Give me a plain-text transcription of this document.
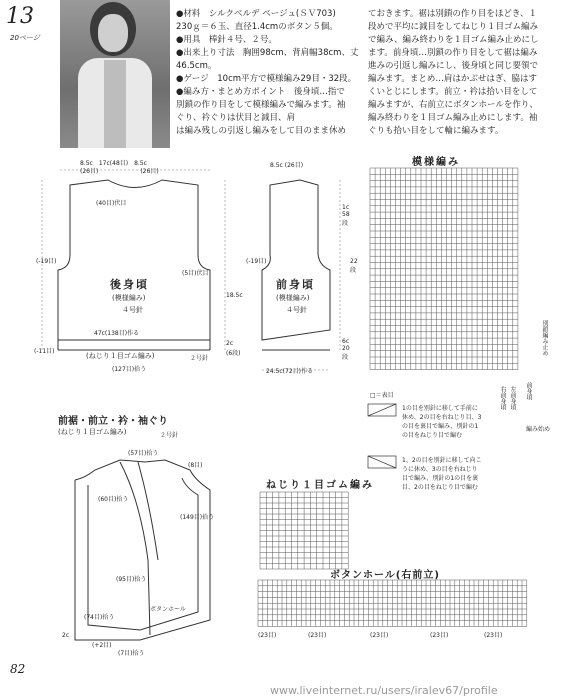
13
20ページ
●材料　シルクベルデ ベージュ(ＳＶ703)
230ｇ＝６玉、直径1.4cmのボタン５個。
●用具　棒針４号、２号。
●出来上り寸法　胸囲98cm、背肩幅38cm、丈
46.5cm。
●ゲージ　10cm平方で模様編み29目・32段。
●編み方・まとめ方ポイント　後身頃…指で
別鎖の作り目をして模様編みで編みます。袖
ぐり、衿ぐりは伏目と減目、肩
は編み残しの引返し編みをして目のまま休め
ておきます。裾は別鎖の作り目をほどき、１
段めで平均に減目をしてねじり１目ゴム編み
で編み、編み終わりを１目ゴム編み止めにし
ます。前身頃…別鎖の作り目をして裾は編み
進みの引返し編みにし、後身頃と同じ要領で
編みます。まとめ…肩はかぶせはぎ、脇はす
くいとじにします。前立・衿は拾い目をして
編みますが、右前立にボタンホールを作り、
編み終わりを１目ゴム編み止めにします。袖
ぐりも拾い目をして輪に編みます。
8.5c　 17c(48目)　 8.5c
(26目)　　　　　　　	(26目)
(40目)伏目
(-19目)
(5目)伏目
18.5c
2c
(6段)
(-11目)
後身頃
(模様編み)
４号針
47c(138目)作る
(ねじり１目ゴム編み)	２号針
(127目)拾う
8.5c (26目)
1c
58
段
22
段
6c
20
段
(-19目)
前身頃
(模様編み)
４号針
24.5c(72目)作る
模様編み
□＝表目
1の目を別針に移して手前に休め、2の目を右ねじり目、3の目を裏目で編み、別針の1の目をねじり目で編む
1、2の目を別針に移して向こうに休め、3の目を右ねじり目で編み、別針の1の目を裏目、2の目をねじり目で編む
前身頃
左前身頃
右前身頃
編み始め
別鎖編み止め
前裾・前立・衿・袖ぐり
(ねじり１目ゴム編み)	２号針
(57目)拾う
(60目)拾う
(95目)拾う
(74目)拾う
(149目)拾う
ボタンホール
(+2目)
(7目)拾う
2c
(8目)
ねじり１目ゴム編み
ボタンホール(右前立)
(23目)	(23目)	(23目)	(23目)	(23目)
82
www.liveinternet.ru/users/iralev67/profile
